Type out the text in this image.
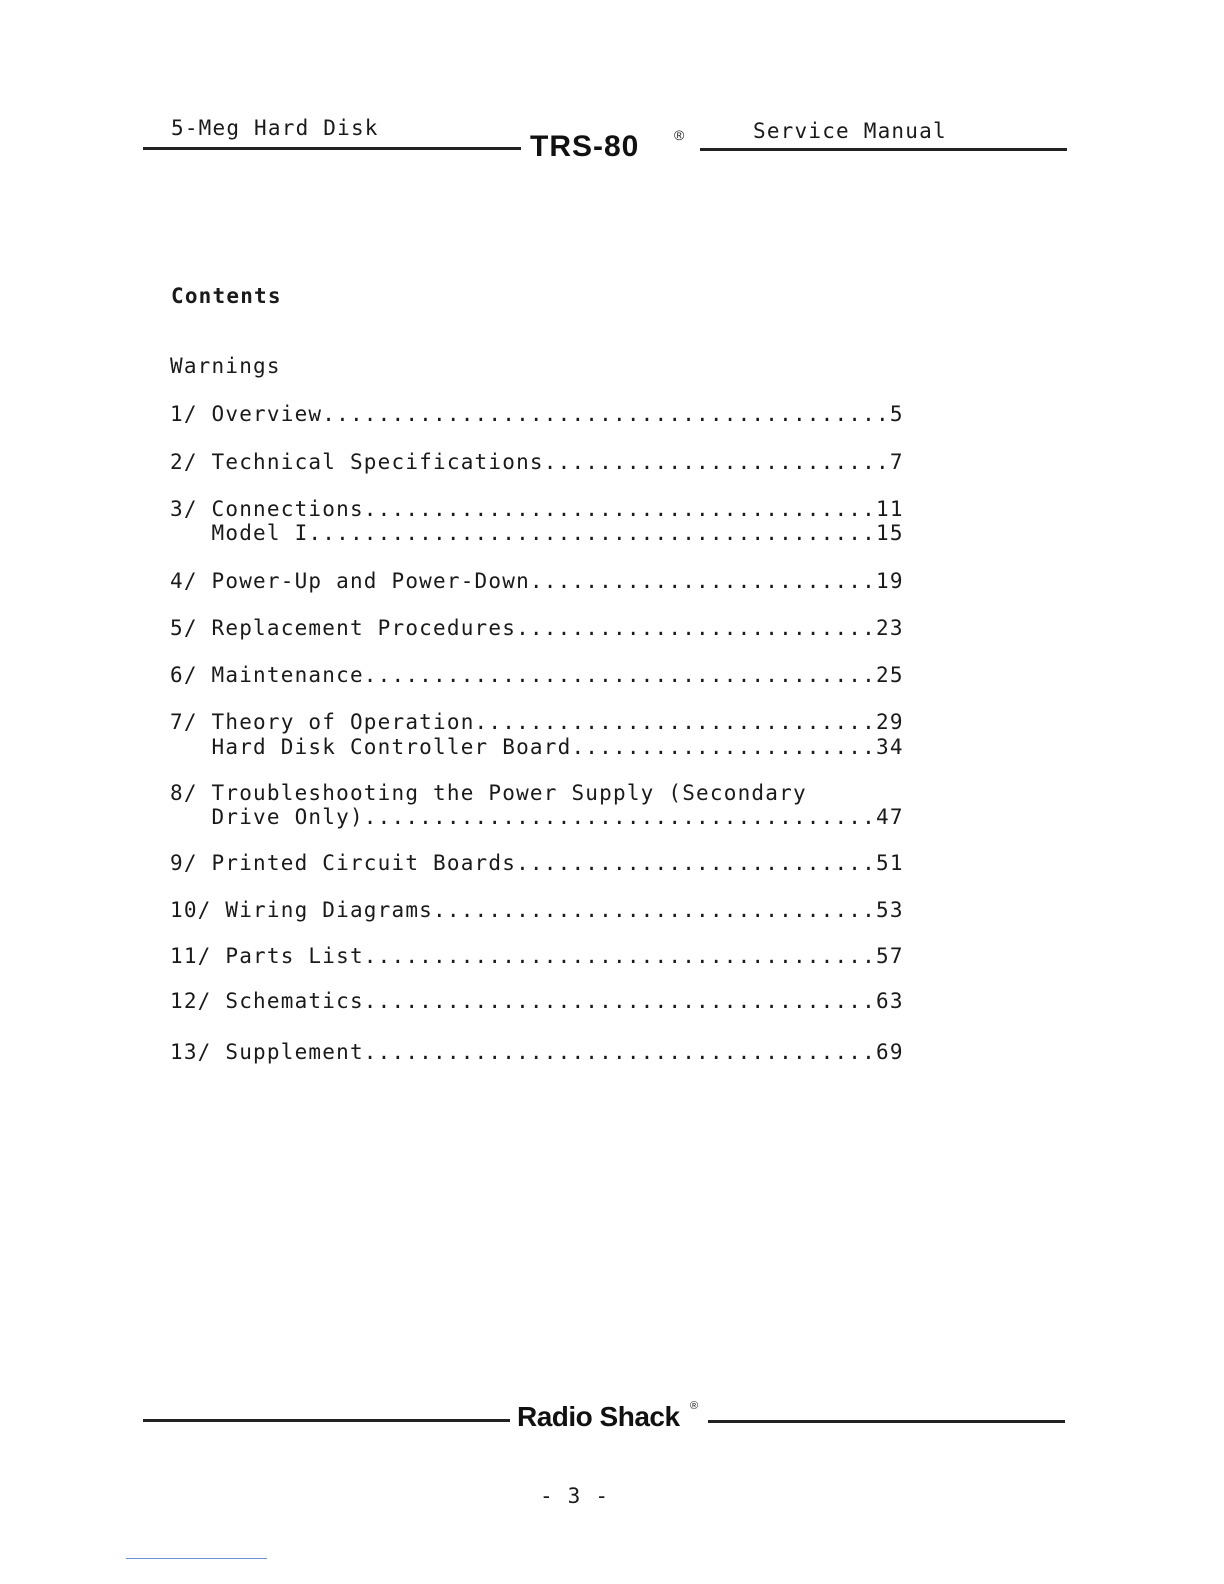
5-Meg Hard Disk
TRS-80 ®	Service Manual
Contents
Warnings
1/ Overview.........................................5
2/ Technical Specifications.........................7
3/ Connections.....................................11
Model I.........................................15
4/ Power-Up and Power-Down.........................19
5/ Replacement Procedures..........................23
6/ Maintenance.....................................25
7/ Theory of Operation.............................29
Hard Disk Controller Board......................34
8/ Troubleshooting the Power Supply (Secondary
Drive Only).....................................47
9/ Printed Circuit Boards..........................51
10/ Wiring Diagrams................................53
11/ Parts List.....................................57
12/ Schematics.....................................63
13/ Supplement.....................................69
Radio Shack ®
- 3 -
